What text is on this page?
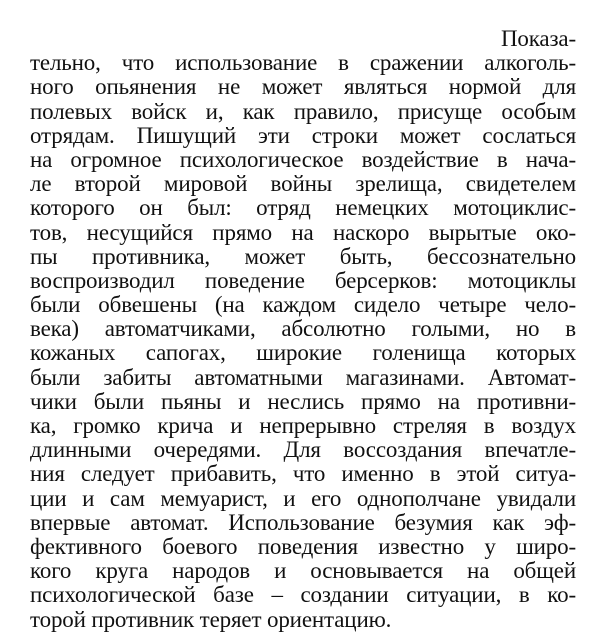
Показа-
тельно, что использование в сражении алкоголь-
ного опьянения не может являться нормой для
полевых войск и, как правило, присуще особым
отрядам. Пишущий эти строки может сослаться
на огромное психологическое воздействие в нача-
ле второй мировой войны зрелища, свидетелем
которого он был: отряд немецких мотоциклис-
тов, несущийся прямо на наскоро вырытые око-
пы противника, может быть, бессознательно
воспроизводил поведение берсерков: мотоциклы
были обвешены (на каждом сидело четыре чело-
века) автоматчиками, абсолютно голыми, но в
кожаных сапогах, широкие голенища которых
были забиты автоматными магазинами. Автомат-
чики были пьяны и неслись прямо на противни-
ка, громко крича и непрерывно стреляя в воздух
длинными очередями. Для воссоздания впечатле-
ния следует прибавить, что именно в этой ситуа-
ции и сам мемуарист, и его однополчане увидали
впервые автомат. Использование безумия как эф-
фективного боевого поведения известно у широ-
кого круга народов и основывается на общей
психологической базе – создании ситуации, в ко-
торой противник теряет ориентацию.
